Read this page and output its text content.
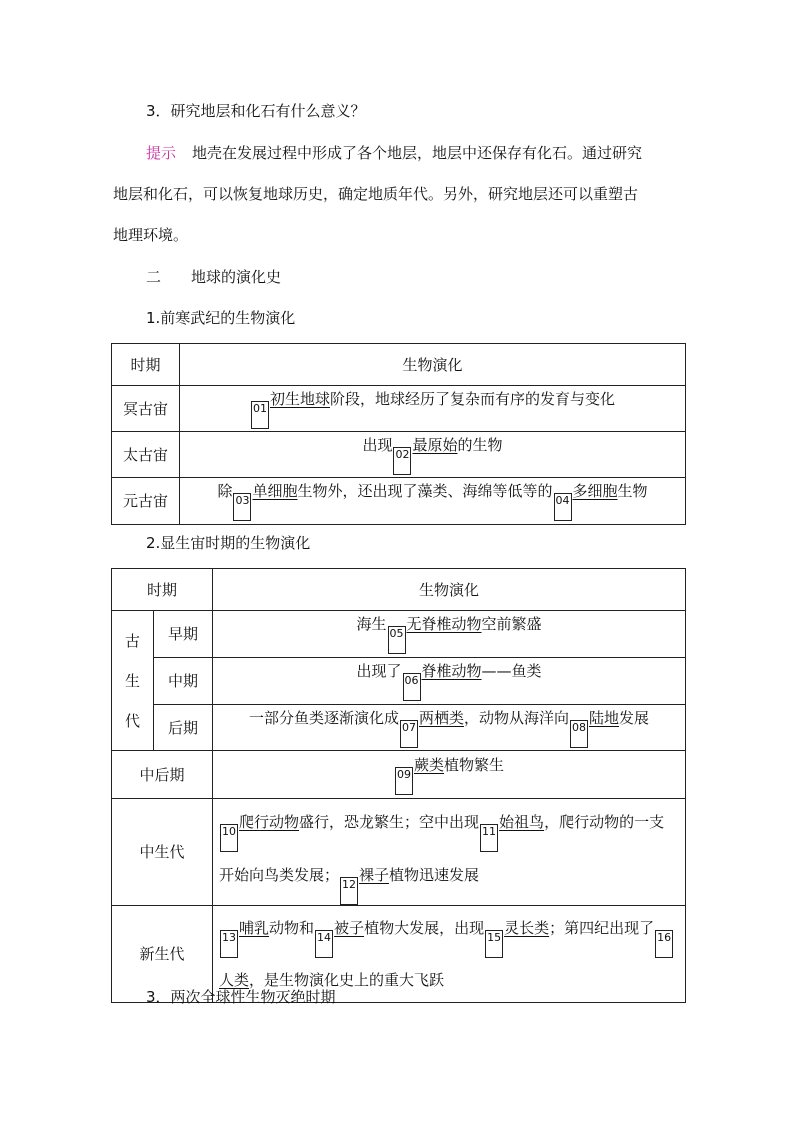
3．研究地层和化石有什么意义？
提示 地壳在发展过程中形成了各个地层，地层中还保存有化石。通过研究
地层和化石，可以恢复地球历史，确定地质年代。另外，研究地层还可以重塑古
地理环境。
二 地球的演化史
1.前寒武纪的生物演化
时期	生物演化
冥古宙	01初生地球阶段，地球经历了复杂而有序的发育与变化
太古宙	出现02最原始的生物
元古宙	除03单细胞生物外，还出现了藻类、海绵等低等的04多细胞生物
2.显生宙时期的生物演化
时期		生物演化

古
生
代	早期	海生05无脊椎动物空前繁盛
	中期	出现了06脊椎动物——鱼类
	后期	一部分鱼类逐渐演化成07两栖类，动物从海洋向08陆地发展
中后期		09蕨类植物繁生
中生代		10爬行动物盛行，恐龙繁生；空中出现11始祖鸟，爬行动物的一支
开始向鸟类发展；12裸子植物迅速发展
新生代		13哺乳动物和14被子植物大发展，出现15灵长类；第四纪出现了16
人类，是生物演化史上的重大飞跃
3．两次全球性生物灭绝时期
